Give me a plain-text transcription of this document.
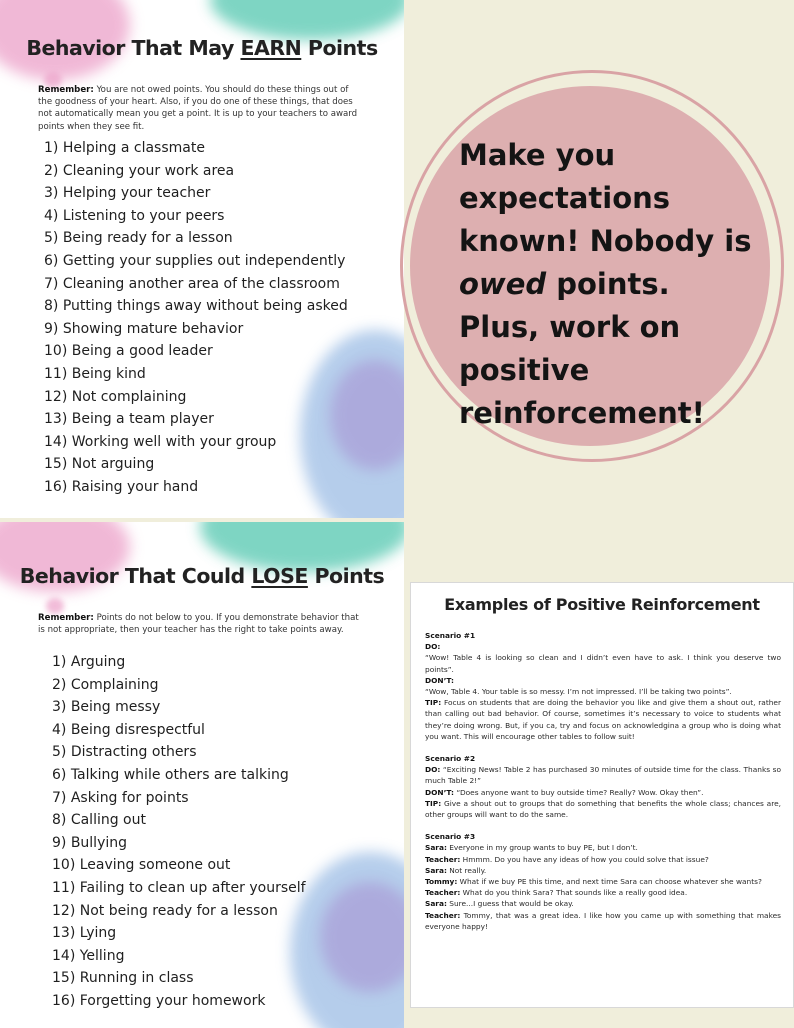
Behavior That May EARN Points
Remember: You are not owed points. You should do these things out of the goodness of your heart. Also, if you do one of these things, that does not automatically mean you get a point. It is up to your teachers to award points when they see fit.
1) Helping a classmate
2) Cleaning your work area
3) Helping your teacher
4) Listening to your peers
5) Being ready for a lesson
6) Getting your supplies out independently
7) Cleaning another area of the classroom
8) Putting things away without being asked
9) Showing mature behavior
10) Being a good leader
11) Being kind
12) Not complaining
13) Being a team player
14) Working well with your group
15) Not arguing
16) Raising your hand
Behavior That Could LOSE Points
Remember: Points do not below to you. If you demonstrate behavior that is not appropriate, then your teacher has the right to take points away.
1) Arguing
2) Complaining
3) Being messy
4) Being disrespectful
5) Distracting others
6) Talking while others are talking
7) Asking for points
8) Calling out
9) Bullying
10) Leaving someone out
11) Failing to clean up after yourself
12) Not being ready for a lesson
13) Lying
14) Yelling
15) Running in class
16) Forgetting your homework
Make you expectations known! Nobody is owed points. Plus, work on positive reinforcement!
Examples of Positive Reinforcement

Scenario #1

DO:

“Wow! Table 4 is looking so clean and I didn’t even have to ask. I think you deserve two points”.

DON’T:

“Wow, Table 4. Your table is so messy. I’m not impressed. I’ll be taking two points”.

TIP: Focus on students that are doing the behavior you like and give them a shout out, rather than calling out bad behavior. Of course, sometimes it’s necessary to voice to students what they’re doing wrong. But, if you ca, try and focus on acknowledgina a group who is doing what you want. This will encourage other tables to follow suit!

Scenario #2

DO: “Exciting News! Table 2 has purchased 30 minutes of outside time for the class. Thanks so much Table 2!”

DON’T: “Does anyone want to buy outside time? Really? Wow. Okay then”.

TIP: Give a shout out to groups that do something that benefits the whole class; chances are, other groups will want to do the same.

Scenario #3

Sara: Everyone in my group wants to buy PE, but I don’t.

Teacher: Hmmm. Do you have any ideas of how you could solve that issue?

Sara: Not really.

Tommy: What if we buy PE this time, and next time Sara can choose whatever she wants?

Teacher: What do you think Sara? That sounds like a really good idea.

Sara: Sure...I guess that would be okay.

Teacher: Tommy, that was a great idea. I like how you came up with something that makes everyone happy!
